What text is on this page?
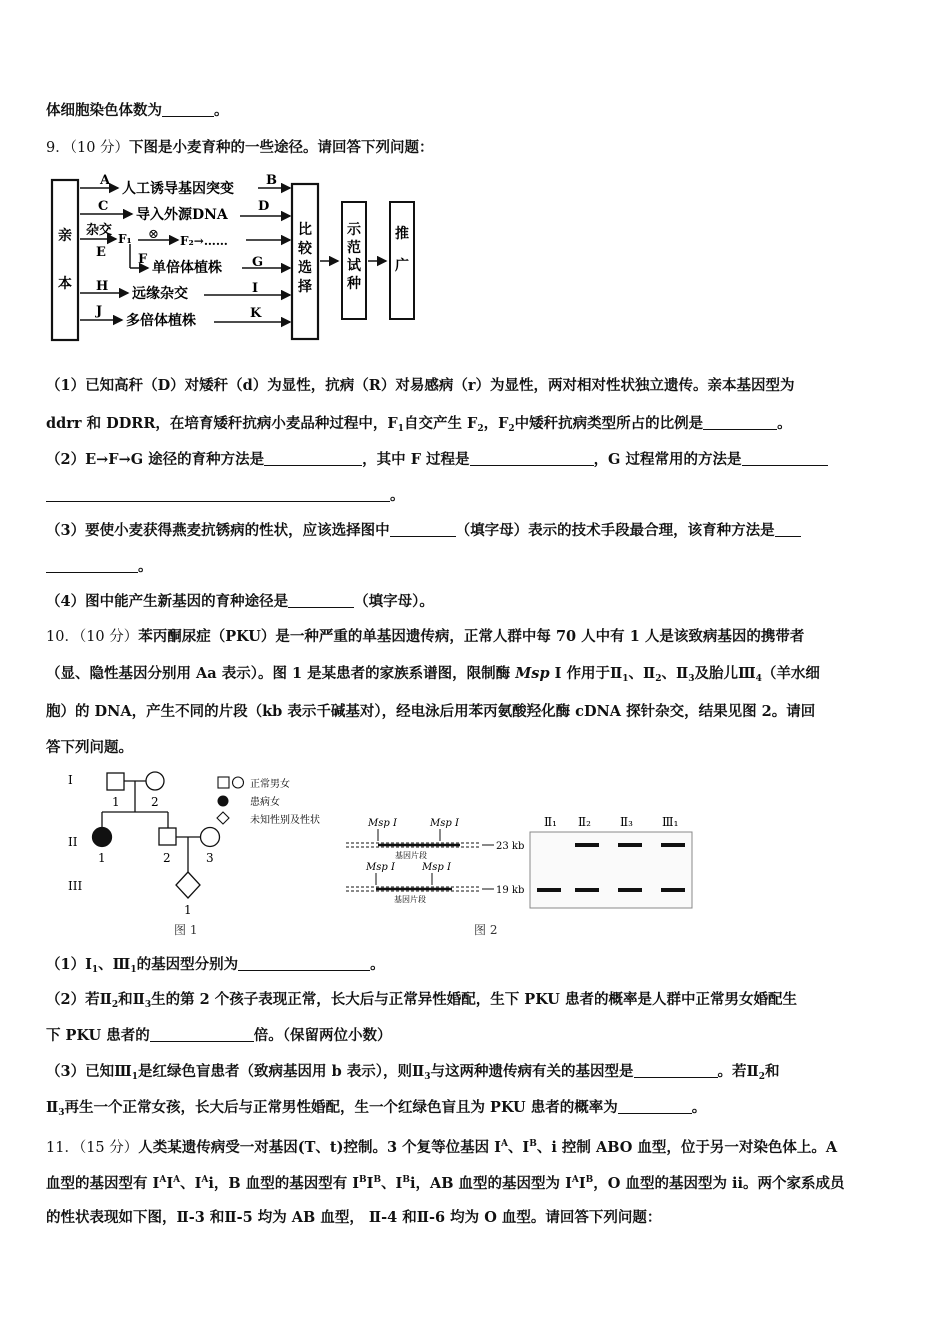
体细胞染色体数为	。
9．（10 分）下图是小麦育种的一些途径。请回答下列问题：
亲
本
比
较
选
择
示
范
试
种
推
广
A
人工诱导基因突变
B
C
导入外源DNA
D
杂交
F₁ ⊗ F₂→……
E F
单倍体植株 G
H 远缘杂交	I
J
多倍体植株	K
（1）已知高秆（D）对矮秆（d）为显性，抗病（R）对易感病（r）为显性，两对相对性状独立遗传。亲本基因型为
ddrr 和 DDRR，在培育矮秆抗病小麦品种过程中，$F_1$自交产生 $F_2$，$F_2$中矮秆抗病类型所占的比例是	。
（2）E→F→G 途径的育种方法是	，其中 F 过程是	，G 过程常用的方法是
。
（3）要使小麦获得燕麦抗锈病的性状，应该选择图中	（填字母）表示的技术手段最合理，该育种方法是
。
（4）图中能产生新基因的育种途径是	（填字母）。
10．（10 分）苯丙酮尿症（PKU）是一种严重的单基因遗传病，正常人群中每 70 人中有 1 人是该致病基因的携带者
（显、隐性基因分别用 Aa 表示）。图 1 是某患者的家族系谱图，限制酶 Msp I 作用于$Ⅱ_1$、$Ⅱ_2$、$Ⅱ_3$及胎儿$Ⅲ_4$（羊水细
胞）的 DNA，产生不同的片段（kb 表示千碱基对），经电泳后用苯丙氨酸羟化酶 cDNA 探针杂交，结果见图 2。请回
答下列问题。
I
II
III
1	2
1	2	3
1
图 1
正常男女
患病女
未知性别及性状	Msp I	Msp I
基因片段
23 kb
Msp I	Msp I
基因片段
19 kb
Ⅱ₁ Ⅱ₂ Ⅱ₃ Ⅲ₁
图 2
$(1)I_1$、$Ⅲ_1$的基因型分别为	。
（2）若$Ⅱ_2$和$Ⅱ_3$生的第 2 个孩子表现正常，长大后与正常异性婚配，生下 PKU 患者的概率是人群中正常男女婚配生
下 PKU 患者的	倍。（保留两位小数）
（3）已知$Ⅲ_1$是红绿色盲患者（致病基因用 b 表示），则$Ⅱ_3$与这两种遗传病有关的基因型是	。若$Ⅱ_2$和
$Ⅱ_3$再生一个正常女孩，长大后与正常男性婚配，生一个红绿色盲且为 PKU 患者的概率为	。
11．（15 分）人类某遗传病受一对基因(T、t)控制。3 个复等位基因 $I^A$、$I^B$、i 控制 ABO 血型，位于另一对染色体上。A
血型的基因型有 $I^AI^A$、$I^Ai$，B 血型的基因型有 $I^BI^B$、$I^Bi$，AB 血型的基因型为 $I^AI^B$，O 血型的基因型为 ii。两个家系成员
的性状表现如下图，Ⅱ-3 和Ⅱ-5 均为 AB 血型， Ⅱ-4 和Ⅱ-6 均为 O 血型。请回答下列问题：
